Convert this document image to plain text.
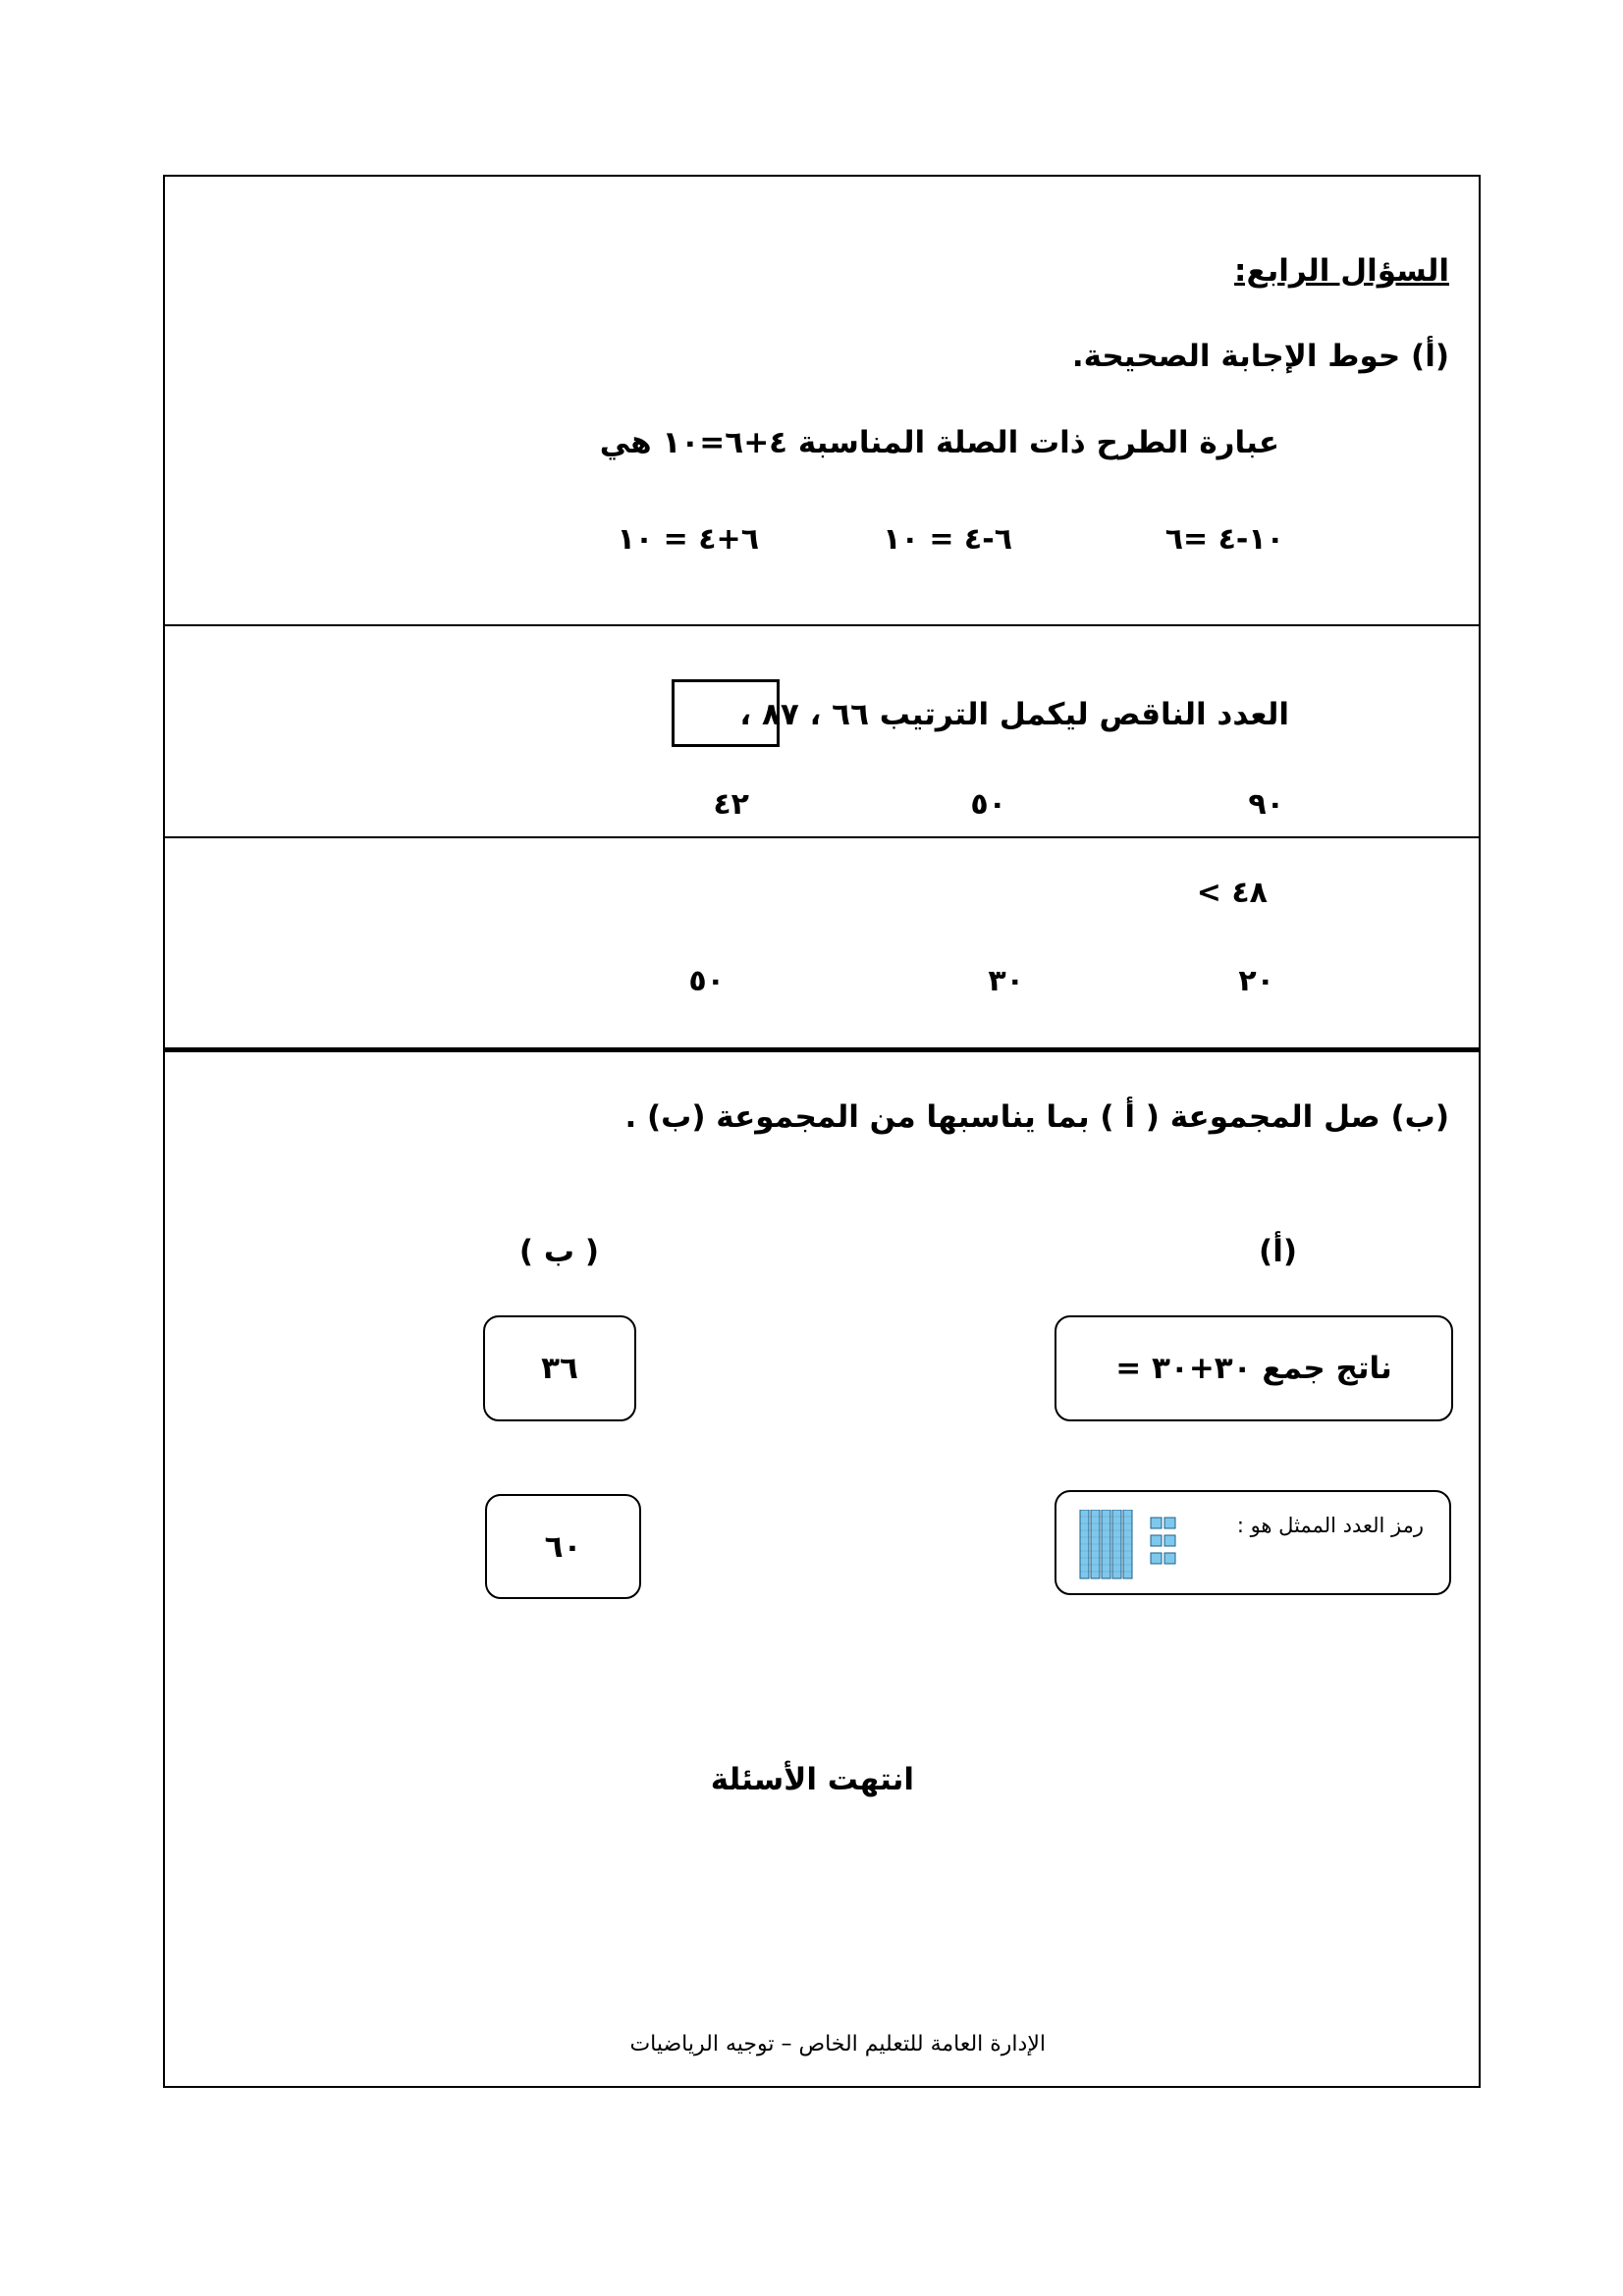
السؤال الرابع:
(أ) حوط الإجابة الصحيحة.
عبارة الطرح ذات الصلة المناسبة ٤+٦=١٠ هي
١٠-٤ =٦
٦-٤ = ١٠
٦+٤ = ١٠
العدد الناقص ليكمل الترتيب ٦٦ ، ٨٧ ،
٩٠
٥٠
٤٢
٤٨ >
٢٠
٣٠
٥٠
(ب) صل المجموعة ( أ ) بما يناسبها من المجموعة (ب) .
(أ)
( ب )
ناتج جمع ٣٠+٣٠ =
٣٦
رمز العدد الممثل هو :
٦٠
انتهت الأسئلة
الإدارة العامة للتعليم الخاص – توجيه الرياضيات
